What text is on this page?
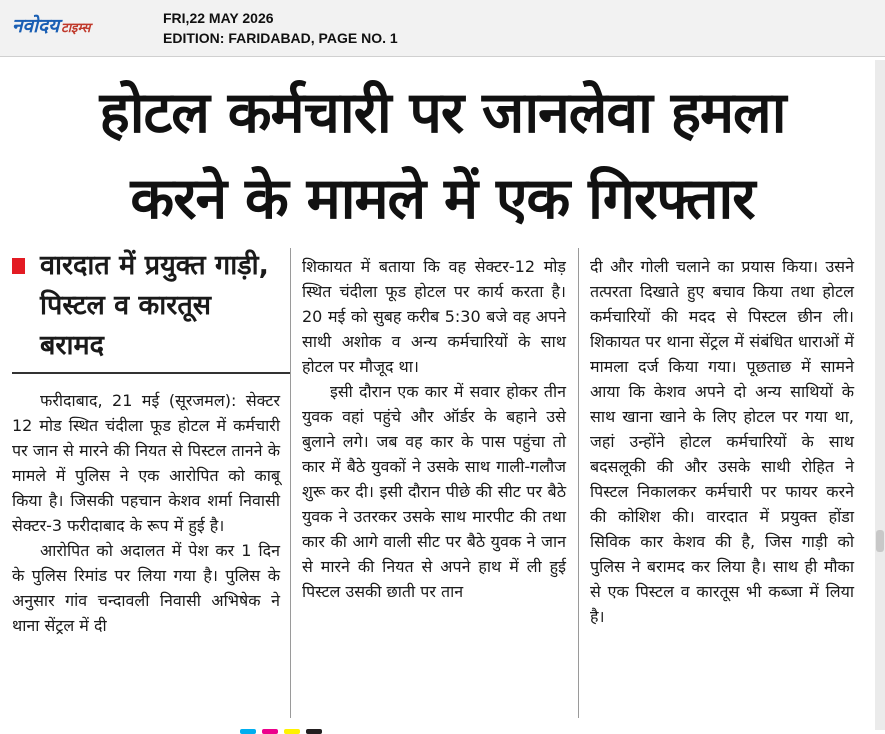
नवोदय टाइम्स
FRI,22 MAY 2026
EDITION: FARIDABAD, PAGE NO. 1
होटल कर्मचारी पर जानलेवा हमला
करने के मामले में एक गिरफ्तार
वारदात में प्रयुक्त गाड़ी, पिस्टल व कारतूस बरामद

फरीदाबाद, 21 मई (सूरजमल): सेक्टर 12 मोड स्थित चंदीला फूड होटल में कर्मचारी पर जान से मारने की नियत से पिस्टल तानने के मामले में पुलिस ने एक आरोपित को काबू किया है। जिसकी पहचान केशव शर्मा निवासी सेक्टर-3 फरीदाबाद के रूप में हुई है।

आरोपित को अदालत में पेश कर 1 दिन के पुलिस रिमांड पर लिया गया है। पुलिस के अनुसार गांव चन्दावली निवासी अभिषेक ने थाना सेंट्रल में दी

शिकायत में बताया कि वह सेक्टर-12 मोड़ स्थित चंदीला फूड होटल पर कार्य करता है। 20 मई को सुबह करीब 5:30 बजे वह अपने साथी अशोक व अन्य कर्मचारियों के साथ होटल पर मौजूद था।

इसी दौरान एक कार में सवार होकर तीन युवक वहां पहुंचे और ऑर्डर के बहाने उसे बुलाने लगे। जब वह कार के पास पहुंचा तो कार में बैठे युवकों ने उसके साथ गाली-गलौज शुरू कर दी। इसी दौरान पीछे की सीट पर बैठे युवक ने उतरकर उसके साथ मारपीट की तथा कार की आगे वाली सीट पर बैठे युवक ने जान से मारने की नियत से अपने हाथ में ली हुई पिस्टल उसकी छाती पर तान

दी और गोली चलाने का प्रयास किया। उसने तत्परता दिखाते हुए बचाव किया तथा होटल कर्मचारियों की मदद से पिस्टल छीन ली। शिकायत पर थाना सेंट्रल में संबंधित धाराओं में मामला दर्ज किया गया। पूछताछ में सामने आया कि केशव अपने दो अन्य साथियों के साथ खाना खाने के लिए होटल पर गया था, जहां उन्होंने होटल कर्मचारियों के साथ बदसलूकी की और उसके साथी रोहित ने पिस्टल निकालकर कर्मचारी पर फायर करने की कोशिश की। वारदात में प्रयुक्त होंडा सिविक कार केशव की है, जिस गाड़ी को पुलिस ने बरामद कर लिया है। साथ ही मौका से एक पिस्टल व कारतूस भी कब्जा में लिया है।
